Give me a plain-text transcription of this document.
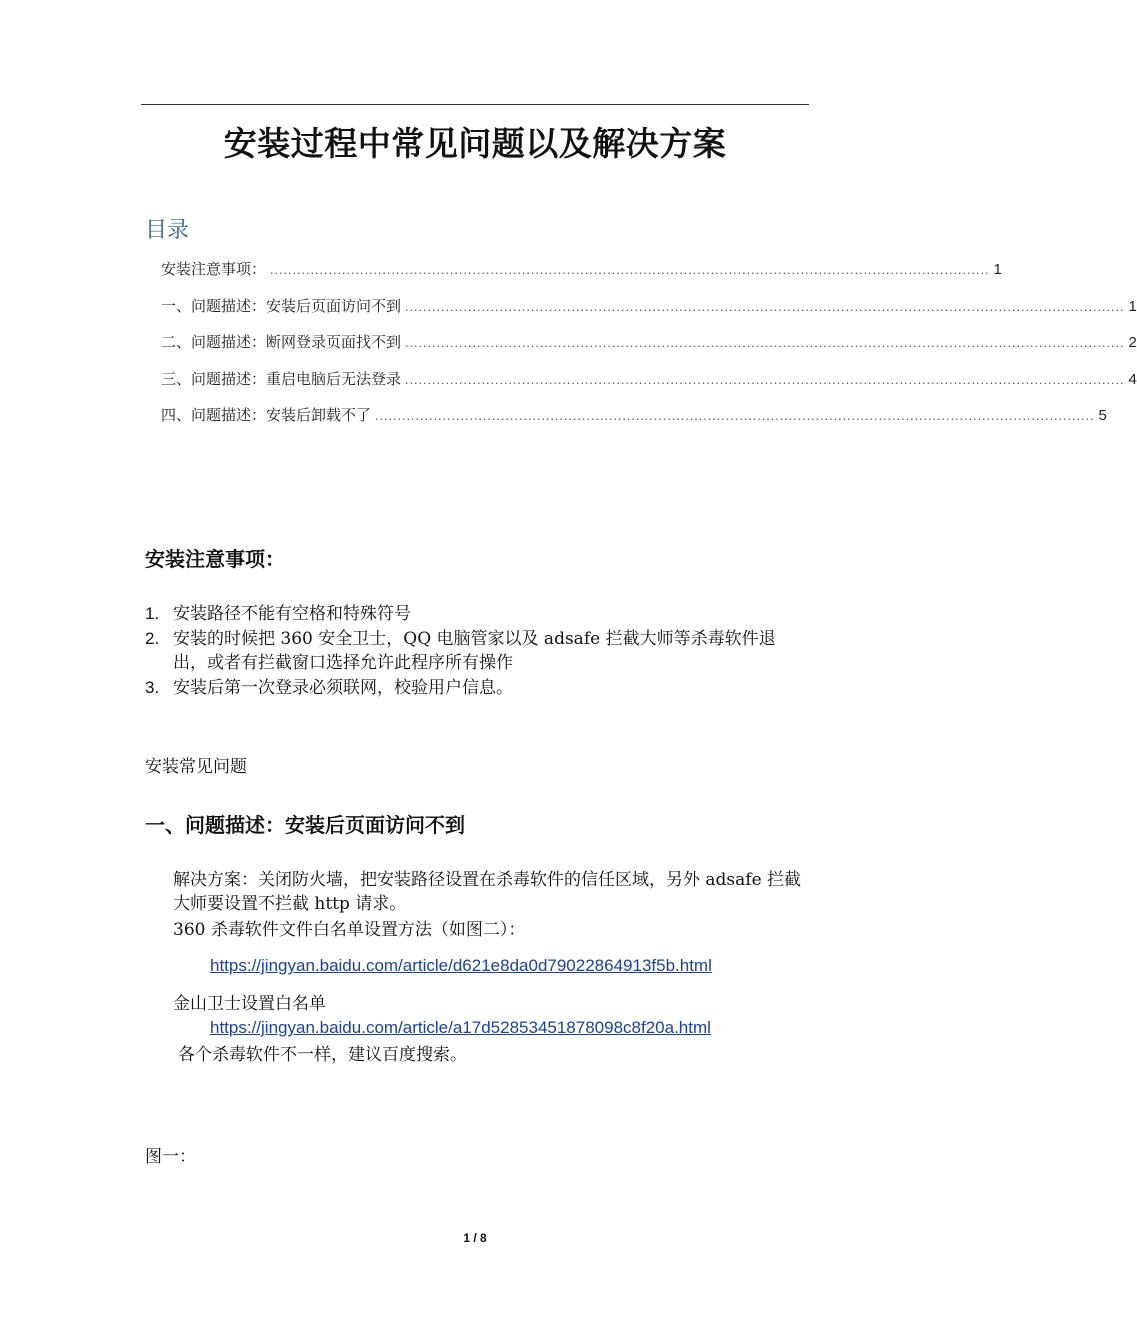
安装过程中常见问题以及解决方案
目录
安装注意事项： ................................................................................................................................................................ 1
一、问题描述：安装后页面访问不到 ................................................................................................................................................................ 1
二、问题描述：断网登录页面找不到 ................................................................................................................................................................ 2
三、问题描述：重启电脑后无法登录 ................................................................................................................................................................ 4
四、问题描述：安装后卸载不了 ................................................................................................................................................................ 5
安装注意事项：
1. 安装路径不能有空格和特殊符号
2. 安装的时候把 360 安全卫士，QQ 电脑管家以及 adsafe 拦截大师等杀毒软件退出，或者有拦截窗口选择允许此程序所有操作
3. 安装后第一次登录必须联网，校验用户信息。
安装常见问题
一、问题描述：安装后页面访问不到
解决方案：关闭防火墙，把安装路径设置在杀毒软件的信任区域，另外 adsafe 拦截大师要设置不拦截 http 请求。
360 杀毒软件文件白名单设置方法（如图二）：
https://jingyan.baidu.com/article/d621e8da0d79022864913f5b.html
金山卫士设置白名单
https://jingyan.baidu.com/article/a17d52853451878098c8f20a.html
各个杀毒软件不一样，建议百度搜索。
图一：
1 / 8
